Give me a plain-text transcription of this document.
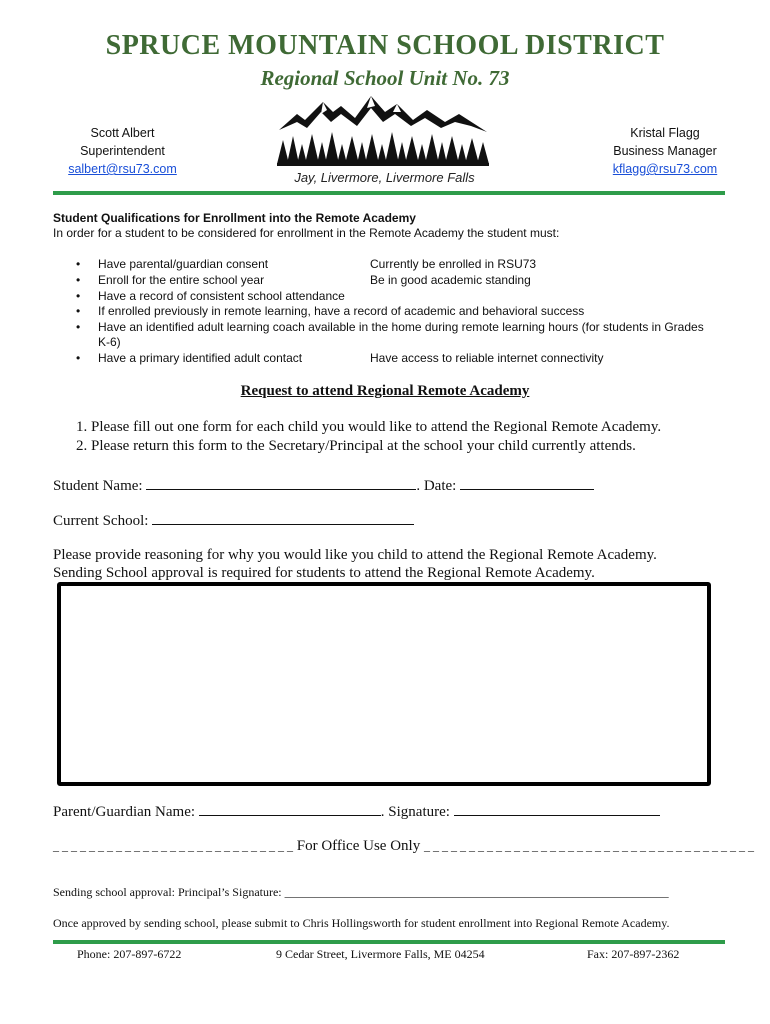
SPRUCE MOUNTAIN SCHOOL DISTRICT
Regional School Unit No. 73
Scott Albert
Superintendent
salbert@rsu73.com
Jay, Livermore, Livermore Falls
Kristal Flagg
Business Manager
kflagg@rsu73.com
Student Qualifications for Enrollment into the Remote Academy
In order for a student to be considered for enrollment in the Remote Academy the student must:
• Have parental/guardian consent	Currently be enrolled in RSU73
• Enroll for the entire school year	Be in good academic standing
• Have a record of consistent school attendance
• If enrolled previously in remote learning, have a record of academic and behavioral success
• Have an identified adult learning coach available in the home during remote learning hours (for students in Grades
K-6)
• Have a primary identified adult contact	Have access to reliable internet connectivity
Request to attend Regional Remote Academy
1. Please fill out one form for each child you would like to attend the Regional Remote Academy.
2. Please return this form to the Secretary/Principal at the school your child currently attends.
Student Name:	. Date:
Current School:
Please provide reasoning for why you would like you child to attend the Regional Remote Academy.
Sending School approval is required for students to attend the Regional Remote Academy.
Parent/Guardian Name:	. Signature:
_ _ _ _ _ _ _ _ _ _ _ _ _ _ _ _ _ _ _ _ _ _ _ _ _ _ _ For Office Use Only _ _ _ _ _ _ _ _ _ _ _ _ _ _ _ _ _ _ _ _ _ _ _ _ _ _ _ _ _ _ _ _ _ _ _ _ _
Sending school approval: Principal’s Signature: ________________________________________________________________
Once approved by sending school, please submit to Chris Hollingsworth for student enrollment into Regional Remote Academy.
Phone: 207-897-6722	9 Cedar Street, Livermore Falls, ME 04254	Fax: 207-897-2362
